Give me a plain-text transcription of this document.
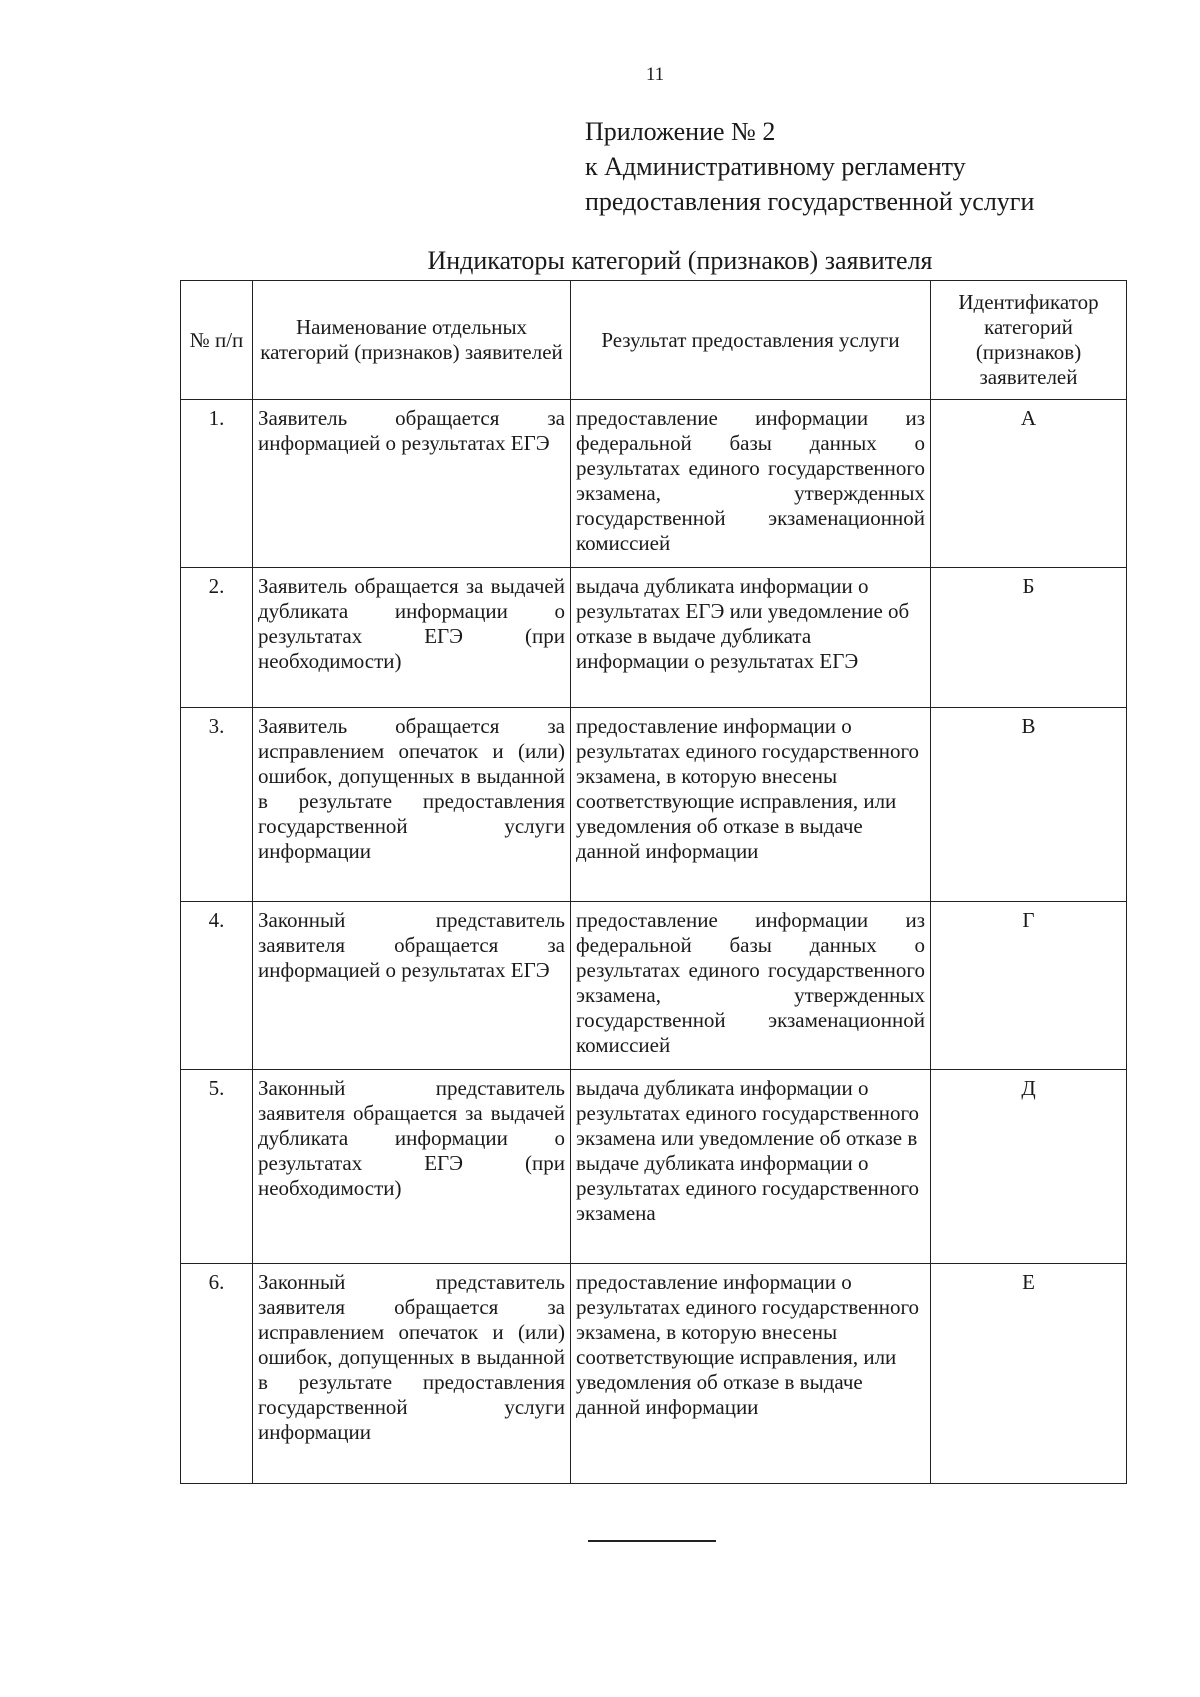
11
Приложение № 2
к Административному регламенту
предоставления государственной услуги
Индикаторы категорий (признаков) заявителя
№ п/п	Наименование отдельных категорий (признаков) заявителей	Результат предоставления услуги	Идентификатор категорий (признаков) заявителей
1.	Заявитель обращается за информацией о результатах ЕГЭ	предоставление информации из федеральной базы данных о результатах единого государственного экзамена, утвержденных государственной экзаменационной комиссией	А
2.	Заявитель обращается за выдачей дубликата информации о результатах ЕГЭ (при необходимости)	выдача дубликата информации о результатах ЕГЭ или уведомление об отказе в выдаче дубликата информации о результатах ЕГЭ	Б
3.	Заявитель обращается за исправлением опечаток и (или) ошибок, допущенных в выданной в результате предоставления государственной услуги информации	предоставление информации о результатах единого государственного экзамена, в которую внесены соответствующие исправления, или уведомления об отказе в выдаче данной информации	В
4.	Законный представитель заявителя обращается за информацией о результатах ЕГЭ	предоставление информации из федеральной базы данных о результатах единого государственного экзамена, утвержденных государственной экзаменационной комиссией	Г
5.	Законный представитель заявителя обращается за выдачей дубликата информации о результатах ЕГЭ (при необходимости)	выдача дубликата информации о результатах единого государственного экзамена или уведомление об отказе в выдаче дубликата информации о результатах единого государственного экзамена	Д
6.	Законный представитель заявителя обращается за исправлением опечаток и (или) ошибок, допущенных в выданной в результате предоставления государственной услуги информации	предоставление информации о результатах единого государственного экзамена, в которую внесены соответствующие исправления, или уведомления об отказе в выдаче данной информации	Е
